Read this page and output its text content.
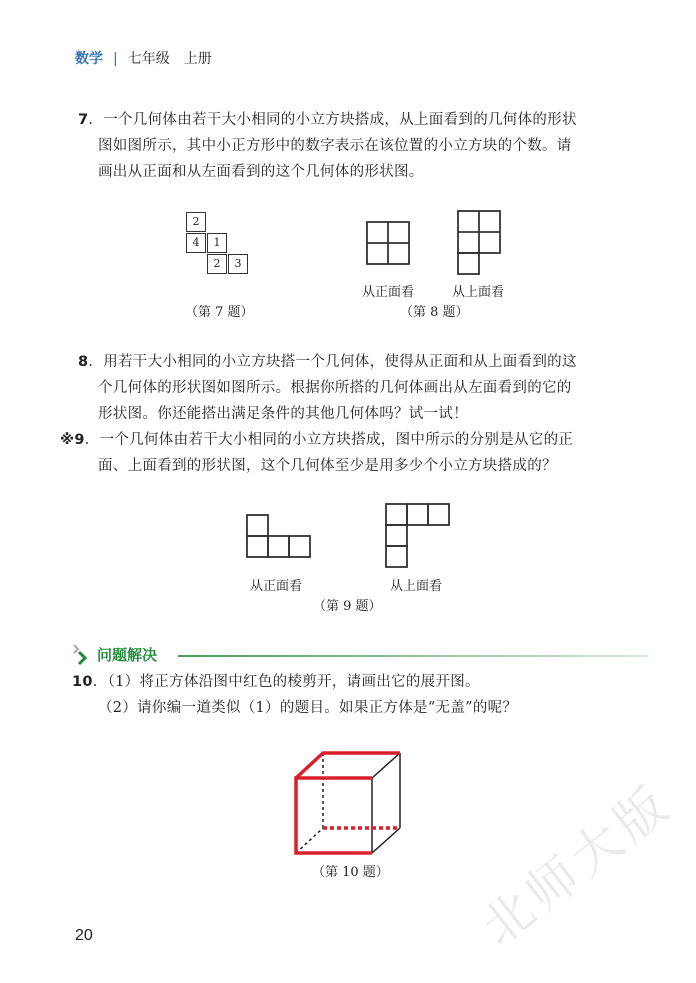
数学 | 七年级 上册
7．一个几何体由若干大小相同的小立方块搭成，从上面看到的几何体的形状
图如图所示，其中小正方形中的数字表示在该位置的小立方块的个数。请
画出从正面和从左面看到的这个几何体的形状图。
2
4	1
2	3
（第 7 题）
从正面看	从上面看
（第 8 题）
8．用若干大小相同的小立方块搭一个几何体，使得从正面和从上面看到的这
个几何体的形状图如图所示。根据你所搭的几何体画出从左面看到的它的
形状图。你还能搭出满足条件的其他几何体吗？试一试！
※9．一个几何体由若干大小相同的小立方块搭成，图中所示的分别是从它的正
面、上面看到的形状图，这个几何体至少是用多少个小立方块搭成的？
从正面看	从上面看
（第 9 题）
问题解决
10．（1）将正方体沿图中红色的棱剪开，请画出它的展开图。
（2）请你编一道类似（1）的题目。如果正方体是“无盖”的呢？
（第 10 题）
20	北师大版
